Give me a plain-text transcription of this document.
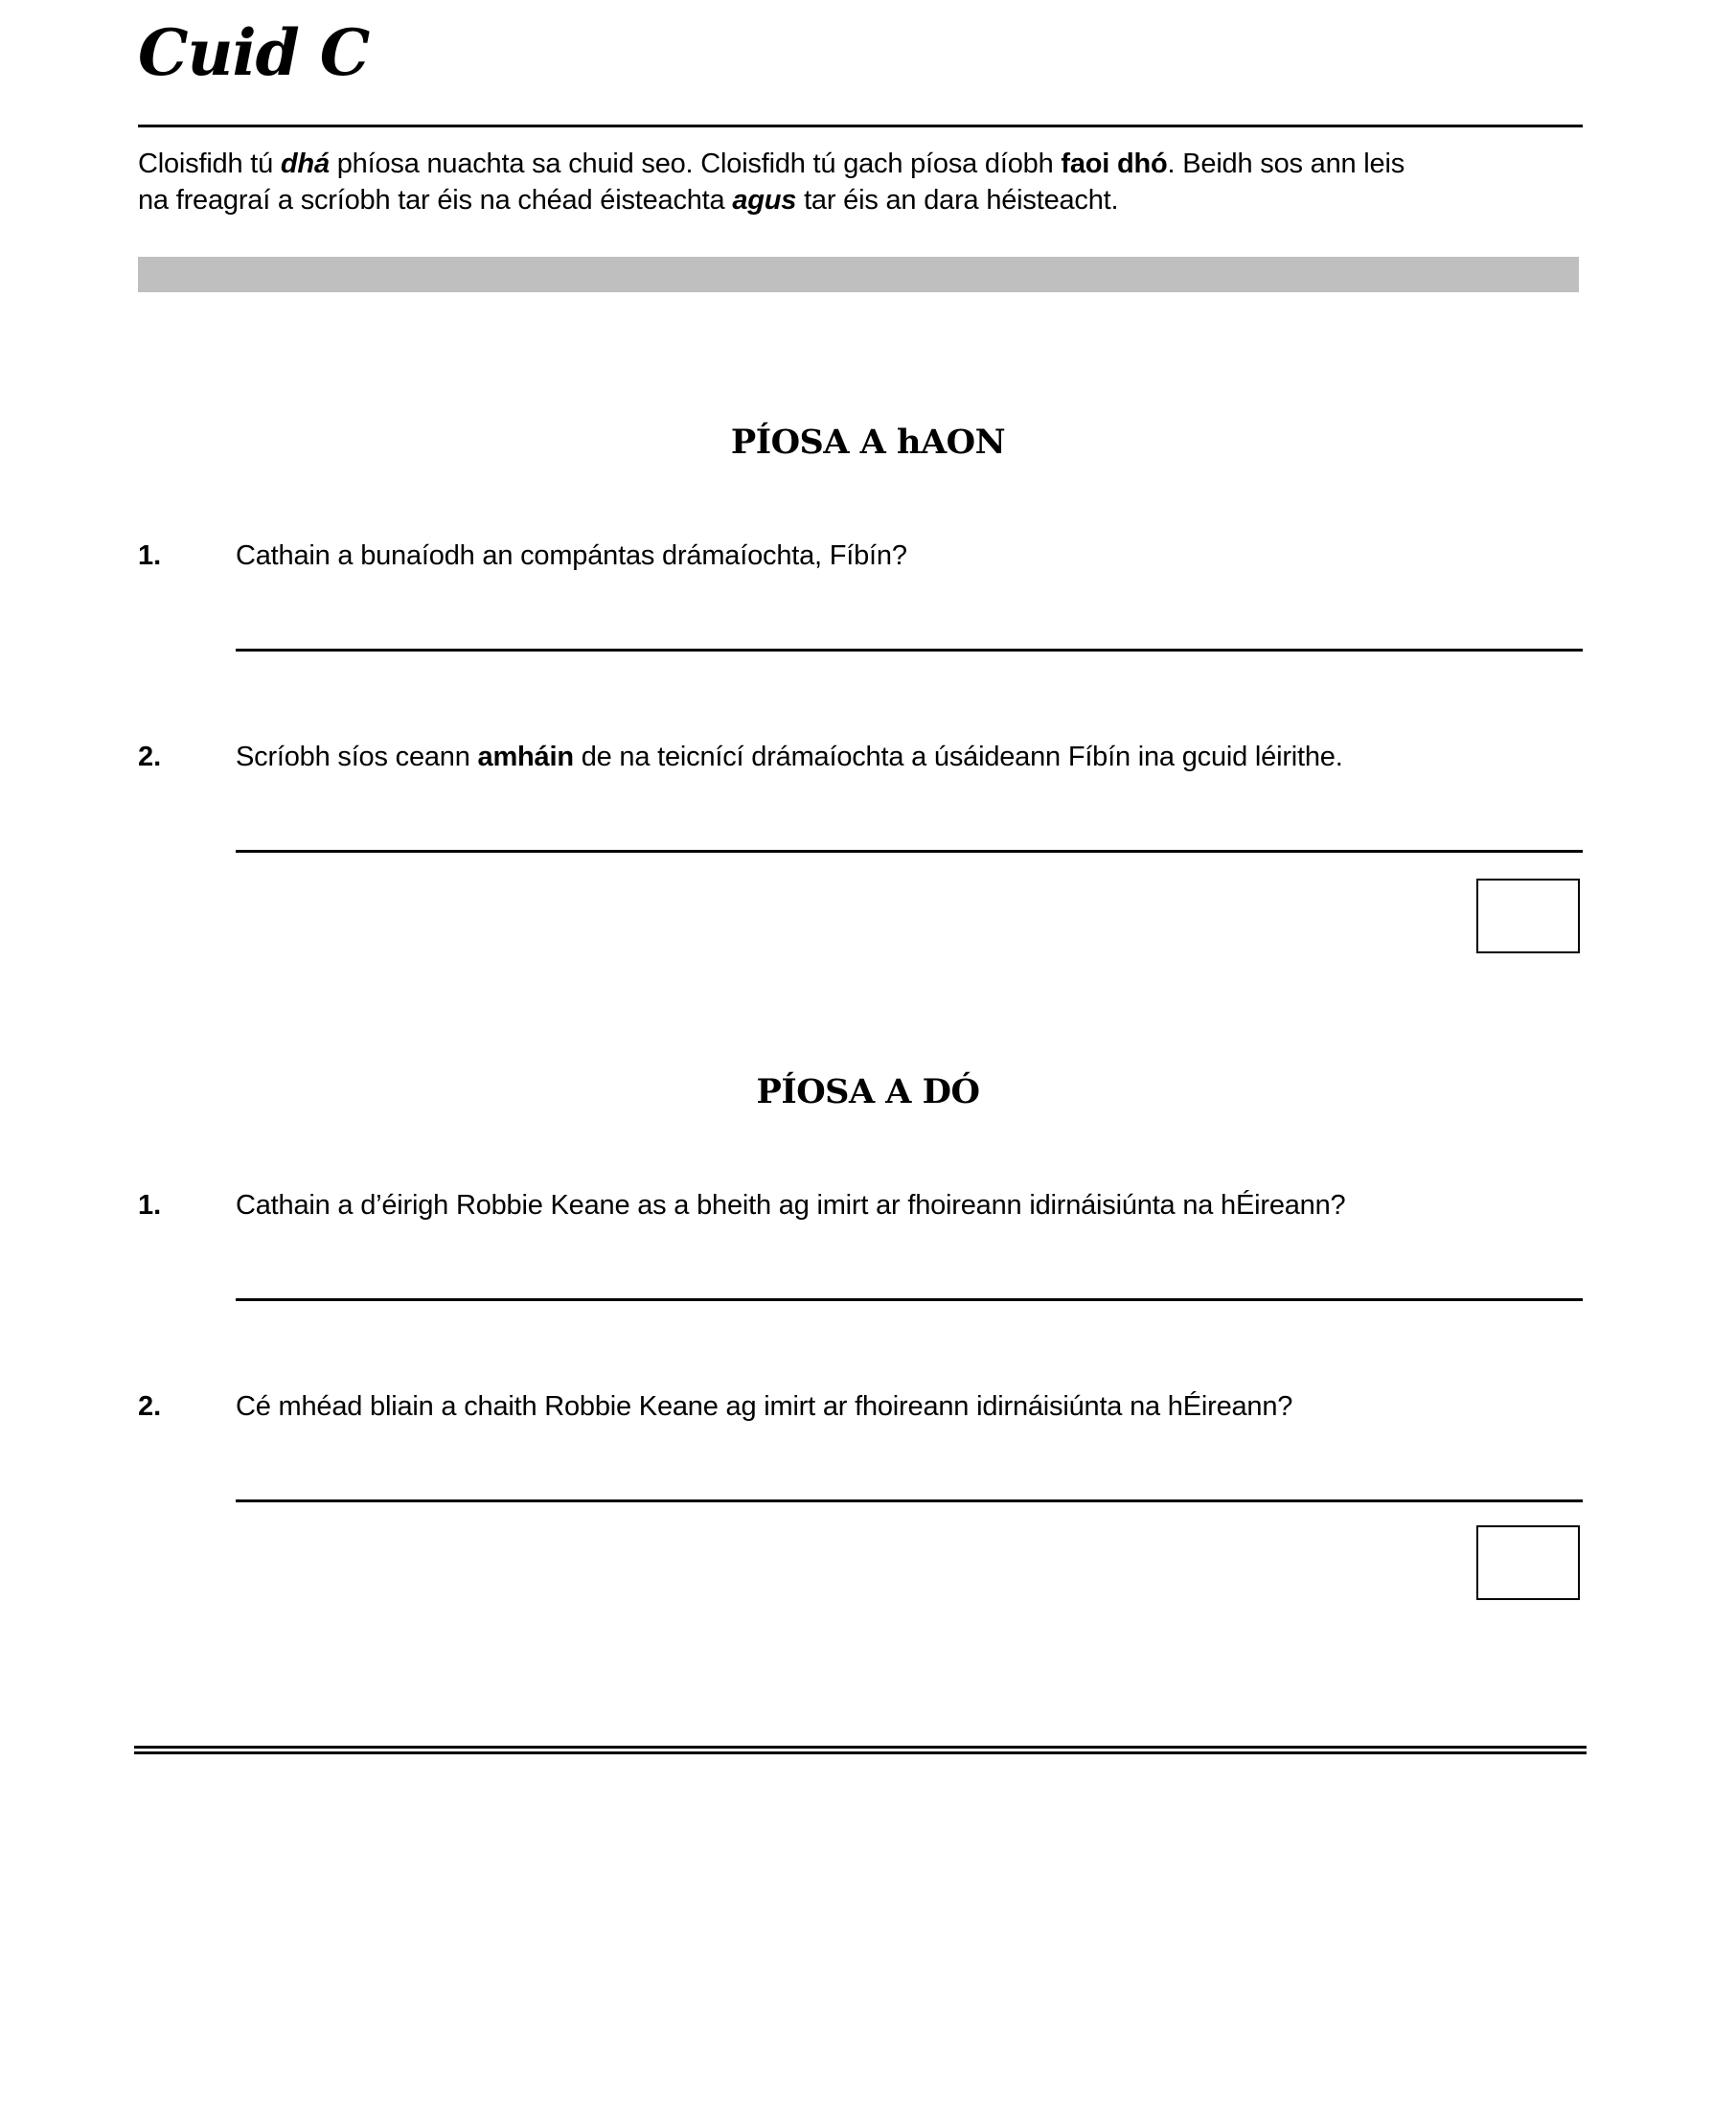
Cuid C
Cloisfidh tú dhá phíosa nuachta sa chuid seo. Cloisfidh tú gach píosa díobh faoi dhó. Beidh sos ann leis
na freagraí a scríobh tar éis na chéad éisteachta agus tar éis an dara héisteacht.
PÍOSA A hAON
1.	Cathain a bunaíodh an compántas drámaíochta, Fíbín?
2.	Scríobh síos ceann amháin de na teicnící drámaíochta a úsáideann Fíbín ina gcuid léirithe.
PÍOSA A DÓ
1.	Cathain a d’éirigh Robbie Keane as a bheith ag imirt ar fhoireann idirnáisiúnta na hÉireann?
2.	Cé mhéad bliain a chaith Robbie Keane ag imirt ar fhoireann idirnáisiúnta na hÉireann?
